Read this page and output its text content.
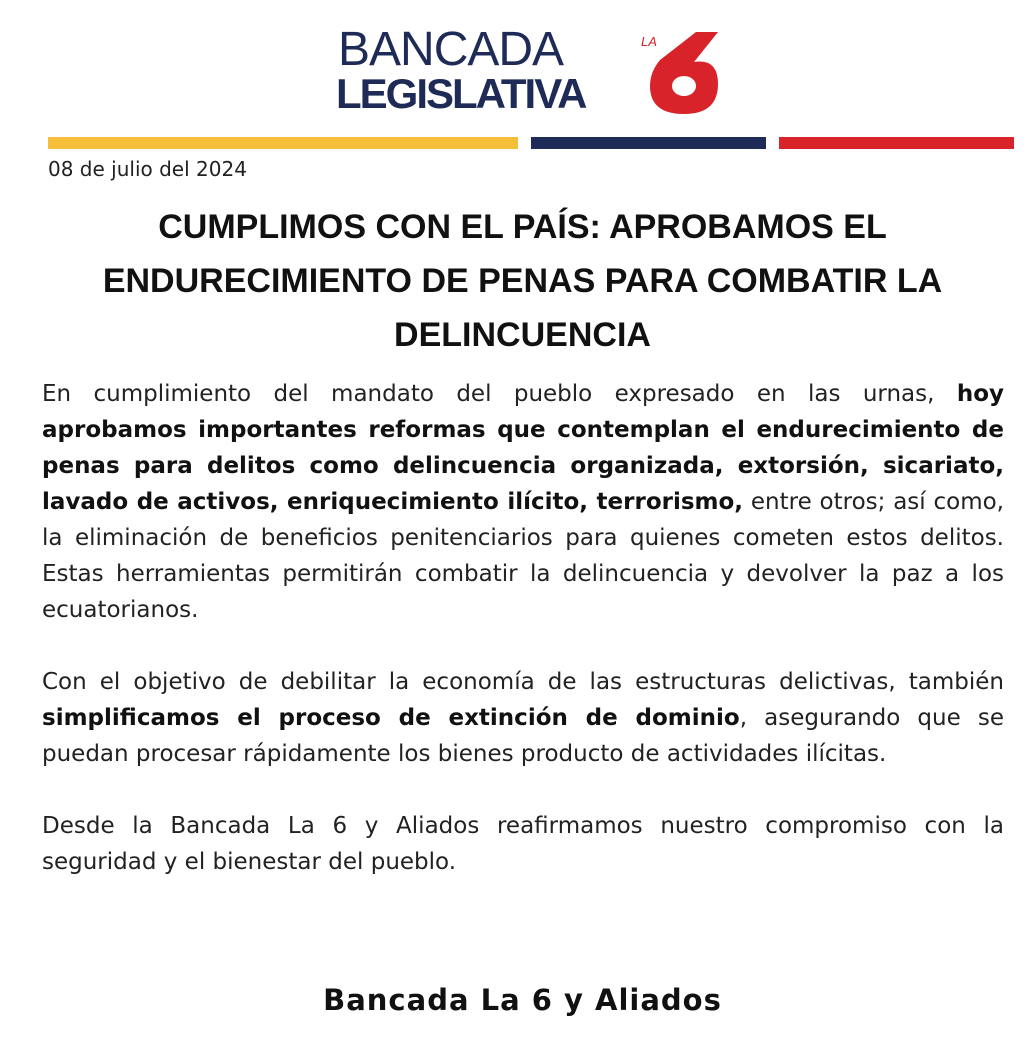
BANCADA
LEGISLATIVA
LA
08 de julio del 2024
CUMPLIMOS CON EL PAÍS: APROBAMOS EL ENDURECIMIENTO DE PENAS PARA COMBATIR LA DELINCUENCIA

En cumplimiento del mandato del pueblo expresado en las urnas, hoy aprobamos importantes reformas que contemplan el endurecimiento de penas para delitos como delincuencia organizada, extorsión, sicariato, lavado de activos, enriquecimiento ilícito, terrorismo, entre otros; así como, la eliminación de beneficios penitenciarios para quienes cometen estos delitos. Estas herramientas permitirán combatir la delincuencia y devolver la paz a los ecuatorianos.

Con el objetivo de debilitar la economía de las estructuras delictivas, también simplificamos el proceso de extinción de dominio, asegurando que se puedan procesar rápidamente los bienes producto de actividades ilícitas.

Desde la Bancada La 6 y Aliados reafirmamos nuestro compromiso con la seguridad y el bienestar del pueblo.

Bancada La 6 y Aliados
